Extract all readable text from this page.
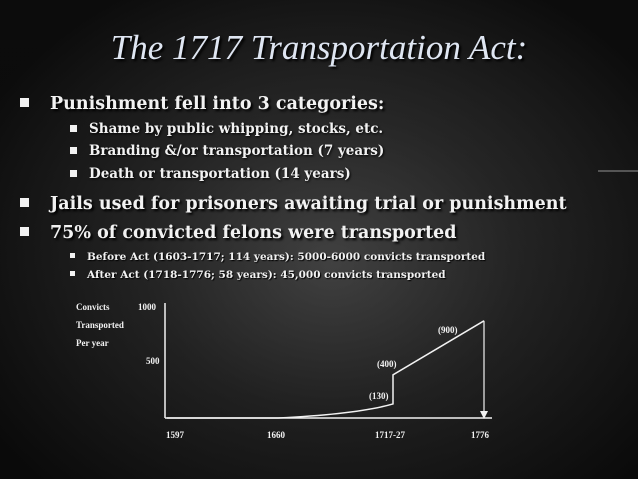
The 1717 Transportation Act:
Punishment fell into 3 categories:
Shame by public whipping, stocks, etc.
Branding &/or transportation (7 years)
Death or transportation (14 years)
Jails used for prisoners awaiting trial or punishment
75% of convicted felons were transported
Before Act (1603-1717; 114 years): 5000-6000 convicts transported
After Act (1718-1776; 58 years): 45,000 convicts transported
Convicts
Transported
Per year
1000
500
1597	1660	1717-27	1776
(130)
(400)
(900)
